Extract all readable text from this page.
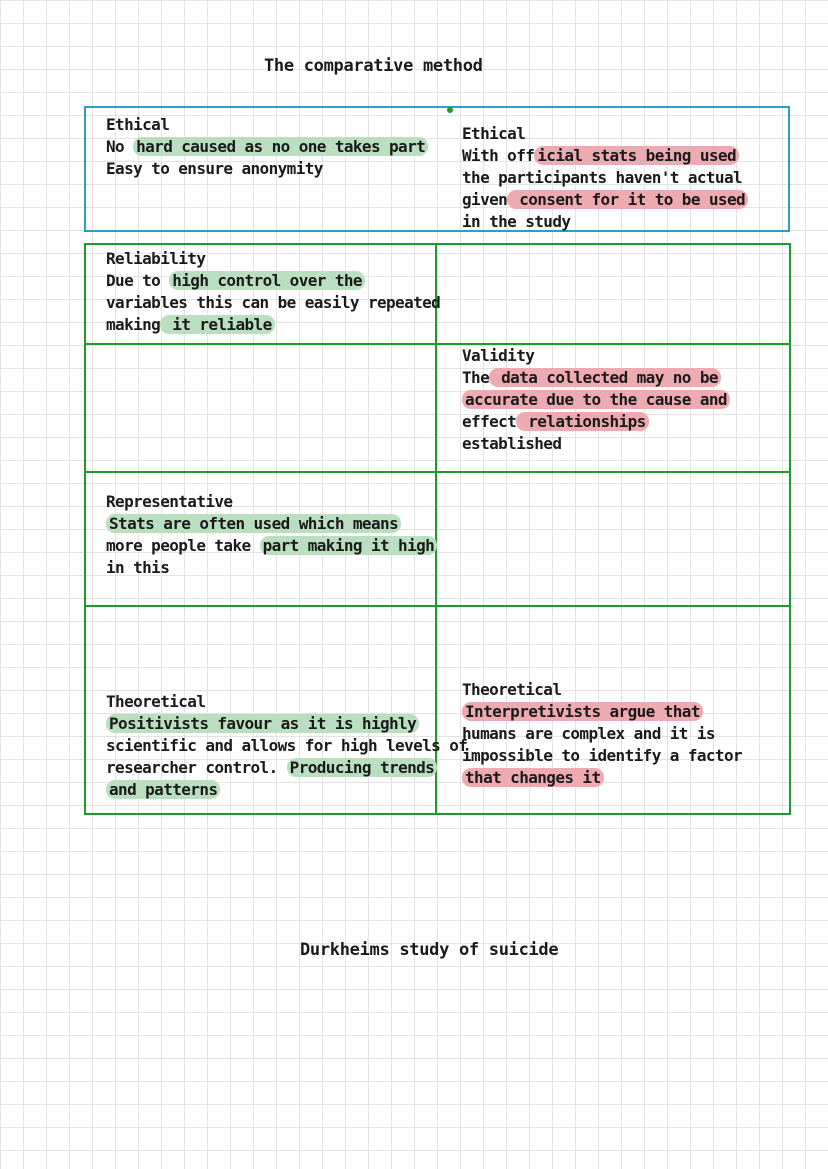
The comparative method
Ethical
No hard caused as no one takes part
Easy to ensure anonymity
Ethical
With off icial stats being used
the participants haven't actual
given consent for it to be used
in the study
Reliability
Due to high control over the
variables this can be easily repeated
making it reliable
Validity
The data collected may no be
accurate due to the cause and
effect relationships
established
Representative
Stats are often used which means
more people take part making it high
in this
Theoretical
Positivists favour as it is highly
scientific and allows for high levels of
researcher control. Producing trends
and patterns
Theoretical
Interpretivists argue that
humans are complex and it is
impossible to identify a factor
that changes it
Durkheims study of suicide
